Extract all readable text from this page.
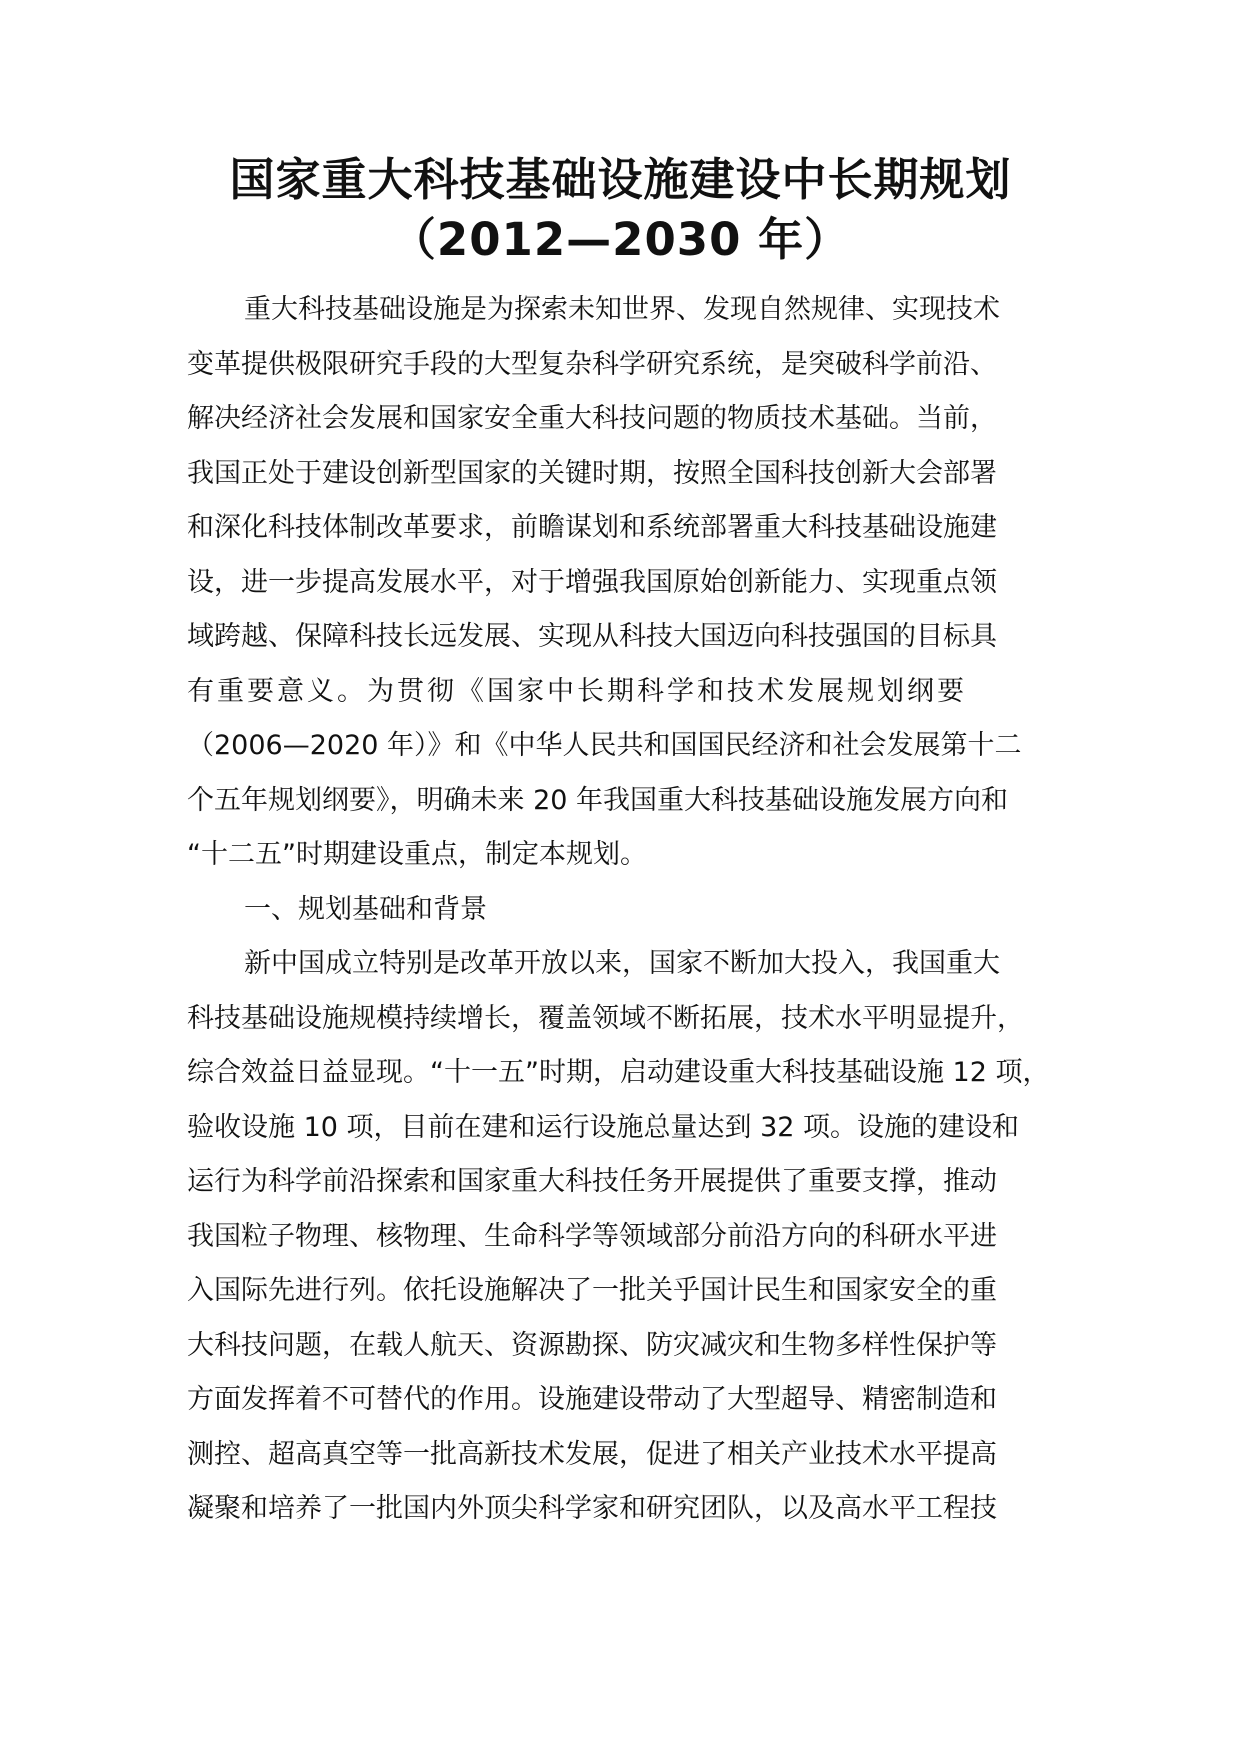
国家重大科技基础设施建设中长期规划
（2012—2030 年）
重大科技基础设施是为探索未知世界、发现自然规律、实现技术
变革提供极限研究手段的大型复杂科学研究系统，是突破科学前沿、
解决经济社会发展和国家安全重大科技问题的物质技术基础。当前，
我国正处于建设创新型国家的关键时期，按照全国科技创新大会部署
和深化科技体制改革要求，前瞻谋划和系统部署重大科技基础设施建
设，进一步提高发展水平，对于增强我国原始创新能力、实现重点领
域跨越、保障科技长远发展、实现从科技大国迈向科技强国的目标具
有重要意义。为贯彻《国家中长期科学和技术发展规划纲要
（2006—2020 年）》和《中华人民共和国国民经济和社会发展第十二
个五年规划纲要》，明确未来 20 年我国重大科技基础设施发展方向和
“十二五”时期建设重点，制定本规划。
一、规划基础和背景
新中国成立特别是改革开放以来，国家不断加大投入，我国重大
科技基础设施规模持续增长，覆盖领域不断拓展，技术水平明显提升，
综合效益日益显现。“十一五”时期，启动建设重大科技基础设施 12 项，
验收设施 10 项，目前在建和运行设施总量达到 32 项。设施的建设和
运行为科学前沿探索和国家重大科技任务开展提供了重要支撑，推动
我国粒子物理、核物理、生命科学等领域部分前沿方向的科研水平进
入国际先进行列。依托设施解决了一批关乎国计民生和国家安全的重
大科技问题，在载人航天、资源勘探、防灾减灾和生物多样性保护等
方面发挥着不可替代的作用。设施建设带动了大型超导、精密制造和
测控、超高真空等一批高新技术发展，促进了相关产业技术水平提高
凝聚和培养了一批国内外顶尖科学家和研究团队，以及高水平工程技
